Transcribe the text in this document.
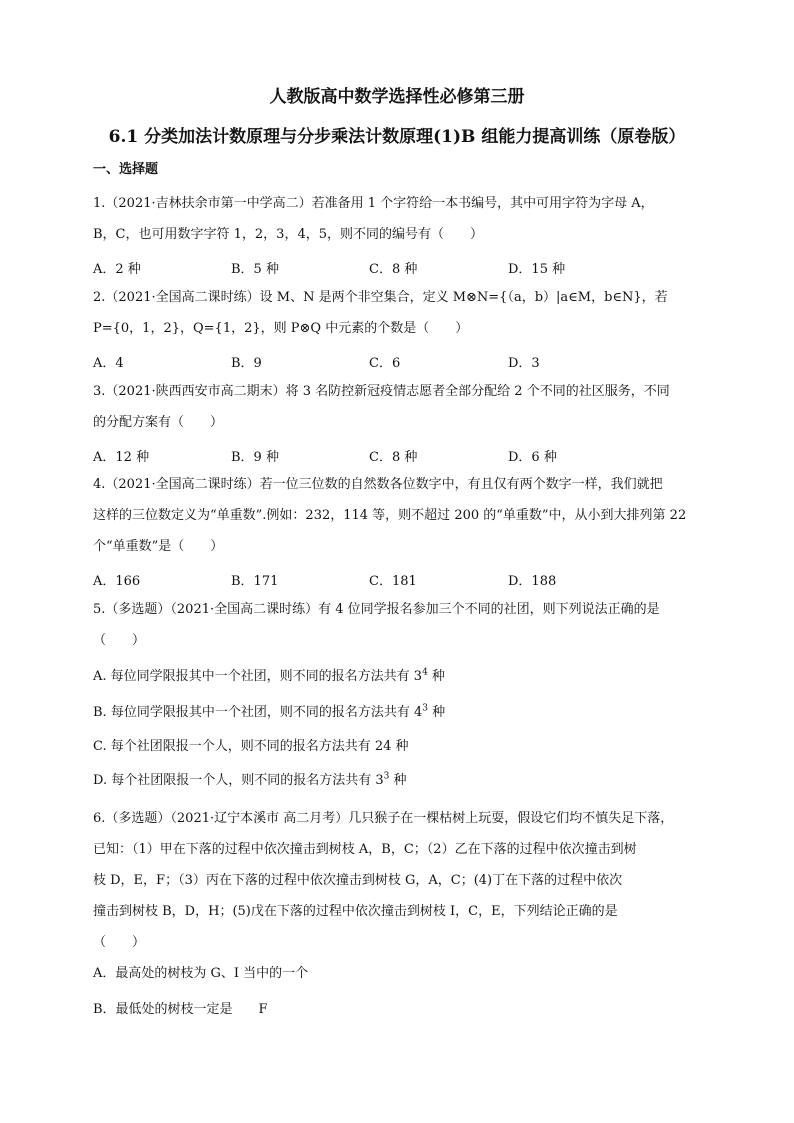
人教版高中数学选择性必修第三册
6.1 分类加法计数原理与分步乘法计数原理(1)B 组能力提高训练（原卷版）
一、选择题
1.（2021·吉林扶余市第一中学高二）若准备用 1 个字符给一本书编号，其中可用字符为字母 A，
B，C，也可用数字字符 1，2，3，4，5，则不同的编号有（　　）
A．2 种	B．5 种	C．8 种	D．15 种
2.（2021·全国高二课时练）设 M、N 是两个非空集合，定义 M⊗N={（a，b）|a∈M，b∈N}，若
P={0，1，2}，Q={1，2}，则 P⊗Q 中元素的个数是（　　）
A．4	B．9	C．6	D．3
3.（2021·陕西西安市高二期末）将 3 名防控新冠疫情志愿者全部分配给 2 个不同的社区服务，不同
的分配方案有（　　）
A．12 种	B．9 种	C．8 种	D．6 种
4.（2021·全国高二课时练）若一位三位数的自然数各位数字中，有且仅有两个数字一样，我们就把
这样的三位数定义为“单重数”.例如：232，114 等，则不超过 200 的“单重数”中，从小到大排列第 22
个“单重数”是（　　）
A．166	B．171	C．181	D．188
5.（多选题）（2021·全国高二课时练）有 4 位同学报名参加三个不同的社团，则下列说法正确的是
（　　）
A. 每位同学限报其中一个社团，则不同的报名方法共有 $3^4$ 种
B. 每位同学限报其中一个社团，则不同的报名方法共有 $4^3$ 种
C. 每个社团限报一个人，则不同的报名方法共有 24 种
D. 每个社团限报一个人，则不同的报名方法共有 $3^3$ 种
6.（多选题）（2021·辽宁本溪市 高二月考）几只猴子在一棵枯树上玩耍，假设它们均不慎失足下落，
已知：（1）甲在下落的过程中依次撞击到树枝 A，B，C；（2）乙在下落的过程中依次撞击到树
枝 D，E，F；（3）丙在下落的过程中依次撞击到树枝 G，A，C；(4)丁在下落的过程中依次
撞击到树枝 B，D，H；(5)戊在下落的过程中依次撞击到树枝 I，C，E，下列结论正确的是
（　　）
A．最高处的树枝为 G、I 当中的一个
B．最低处的树枝一定是　　F
